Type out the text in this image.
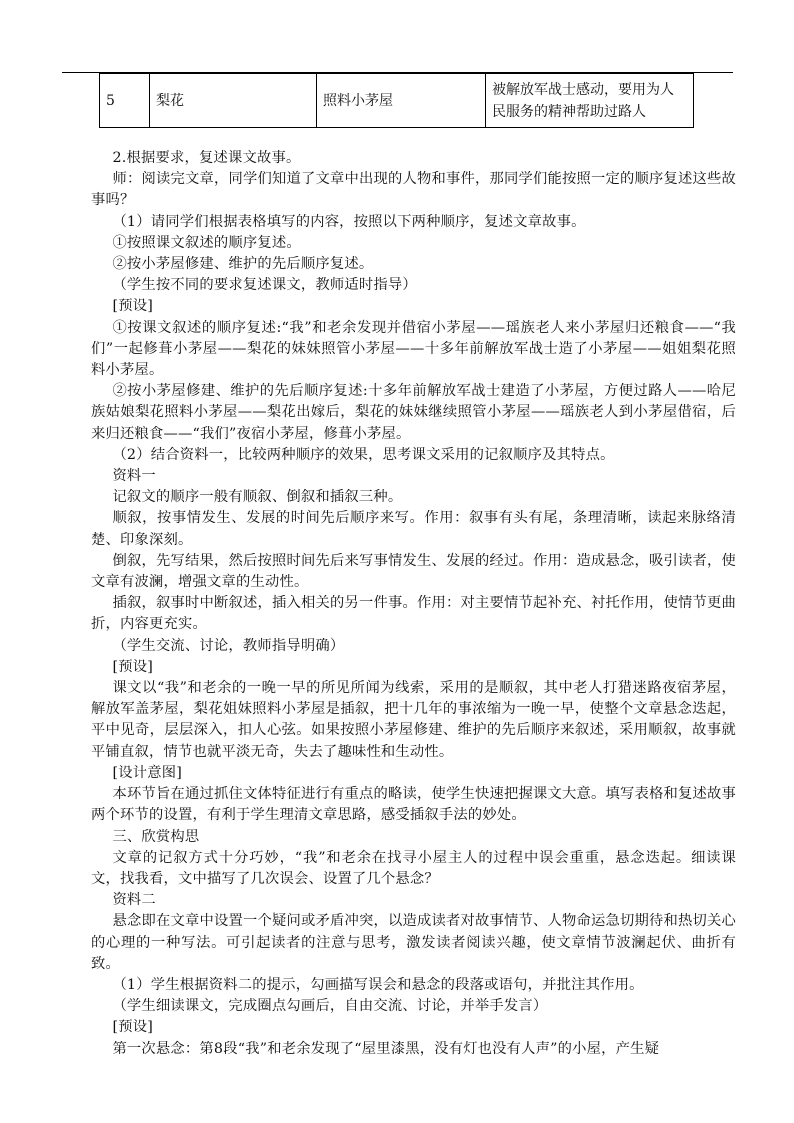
5	梨花	照料小茅屋	被解放军战士感动，要用为人民服务的精神帮助过路人

2.根据要求，复述课文故事。

师：阅读完文章，同学们知道了文章中出现的人物和事件，那同学们能按照一定的顺序复述这些故事吗？

（1）请同学们根据表格填写的内容，按照以下两种顺序，复述文章故事。

①按照课文叙述的顺序复述。

②按小茅屋修建、维护的先后顺序复述。

（学生按不同的要求复述课文，教师适时指导）

[预设]

①按课文叙述的顺序复述:“我”和老余发现并借宿小茅屋——瑶族老人来小茅屋归还粮食——“我们”一起修葺小茅屋——梨花的妹妹照管小茅屋——十多年前解放军战士造了小茅屋——姐姐梨花照料小茅屋。

②按小茅屋修建、维护的先后顺序复述:十多年前解放军战士建造了小茅屋，方便过路人——哈尼族姑娘梨花照料小茅屋——梨花出嫁后，梨花的妹妹继续照管小茅屋——瑶族老人到小茅屋借宿，后来归还粮食——“我们”夜宿小茅屋，修葺小茅屋。

（2）结合资料一，比较两种顺序的效果，思考课文采用的记叙顺序及其特点。

资料一

记叙文的顺序一般有顺叙、倒叙和插叙三种。

顺叙，按事情发生、发展的时间先后顺序来写。作用：叙事有头有尾，条理清晰，读起来脉络清楚、印象深刻。

倒叙，先写结果，然后按照时间先后来写事情发生、发展的经过。作用：造成悬念，吸引读者，使文章有波澜，增强文章的生动性。

插叙，叙事时中断叙述，插入相关的另一件事。作用：对主要情节起补充、衬托作用，使情节更曲折，内容更充实。

（学生交流、讨论，教师指导明确）

[预设]

课文以“我”和老余的一晚一早的所见所闻为线索，采用的是顺叙，其中老人打猎迷路夜宿茅屋，解放军盖茅屋，梨花姐妹照料小茅屋是插叙，把十几年的事浓缩为一晚一早，使整个文章悬念迭起，平中见奇，层层深入，扣人心弦。如果按照小茅屋修建、维护的先后顺序来叙述，采用顺叙，故事就平铺直叙，情节也就平淡无奇，失去了趣味性和生动性。

[设计意图]

本环节旨在通过抓住文体特征进行有重点的略读，使学生快速把握课文大意。填写表格和复述故事两个环节的设置，有利于学生理清文章思路，感受插叙手法的妙处。

三、欣赏构思

文章的记叙方式十分巧妙，“我”和老余在找寻小屋主人的过程中误会重重，悬念迭起。细读课文，找我看，文中描写了几次误会、设置了几个悬念？

资料二

悬念即在文章中设置一个疑问或矛盾冲突，以造成读者对故事情节、人物命运急切期待和热切关心的心理的一种写法。可引起读者的注意与思考，激发读者阅读兴趣，使文章情节波澜起伏、曲折有致。

（1）学生根据资料二的提示，勾画描写误会和悬念的段落或语句，并批注其作用。

（学生细读课文，完成圈点勾画后，自由交流、讨论，并举手发言）

[预设]

第一次悬念：第8段“我”和老余发现了“屋里漆黑，没有灯也没有人声”的小屋，产生疑
